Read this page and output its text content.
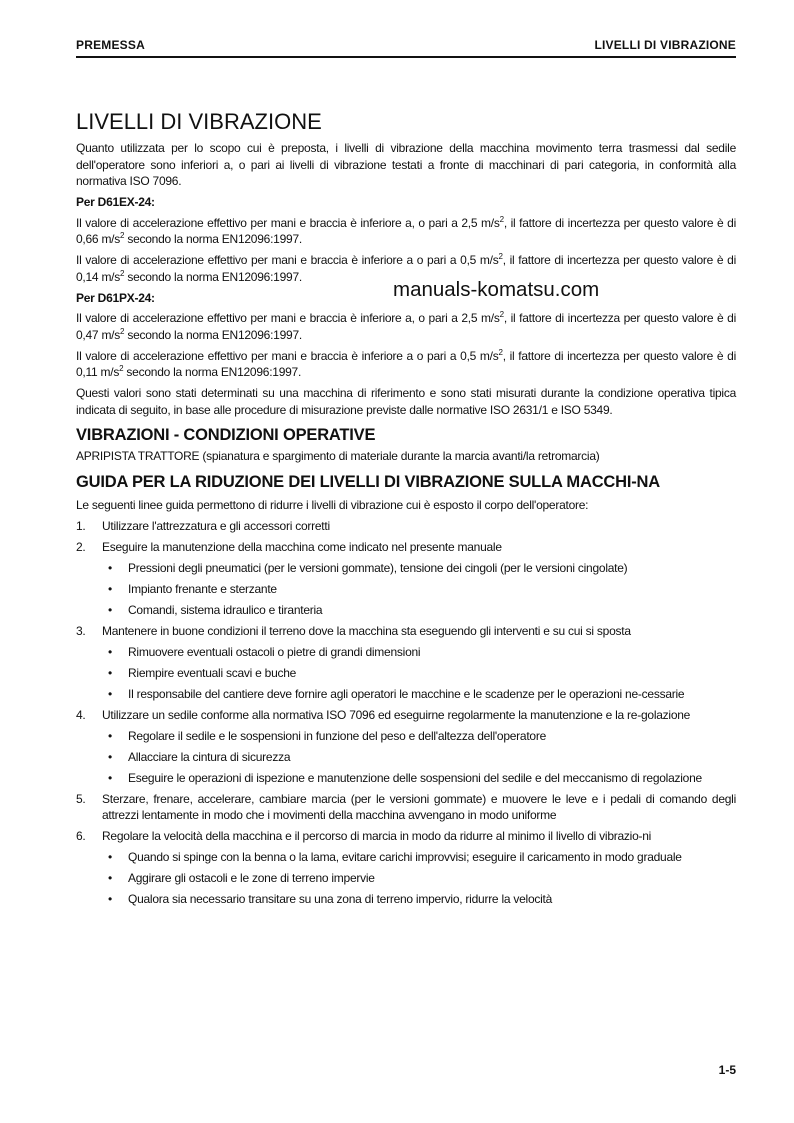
PREMESSA	LIVELLI DI VIBRAZIONE
LIVELLI DI VIBRAZIONE

Quanto utilizzata per lo scopo cui è preposta, i livelli di vibrazione della macchina movimento terra trasmessi dal sedile dell'operatore sono inferiori a, o pari ai livelli di vibrazione testati a fronte di macchinari di pari categoria, in conformità alla normativa ISO 7096.

Per D61EX-24:

Il valore di accelerazione effettivo per mani e braccia è inferiore a, o pari a 2,5 $m/s^2$, il fattore di incertezza per questo valore è di 0,66 $m/s^2$ secondo la norma EN12096:1997.

Il valore di accelerazione effettivo per mani e braccia è inferiore a o pari a 0,5 $m/s^2$, il fattore di incertezza per questo valore è di 0,14 $m/s^2$ secondo la norma EN12096:1997.

Per D61PX-24:

Il valore di accelerazione effettivo per mani e braccia è inferiore a, o pari a 2,5 $m/s^2$, il fattore di incertezza per questo valore è di 0,47 $m/s^2$ secondo la norma EN12096:1997.

Il valore di accelerazione effettivo per mani e braccia è inferiore a o pari a 0,5 $m/s^2$, il fattore di incertezza per questo valore è di 0,11 $m/s^2$ secondo la norma EN12096:1997.

Questi valori sono stati determinati su una macchina di riferimento e sono stati misurati durante la condizione operativa tipica indicata di seguito, in base alle procedure di misurazione previste dalle normative ISO 2631/1 e ISO 5349.

VIBRAZIONI - CONDIZIONI OPERATIVE

APRIPISTA TRATTORE (spianatura e spargimento di materiale durante la marcia avanti/la retromarcia)

GUIDA PER LA RIDUZIONE DEI LIVELLI DI VIBRAZIONE SULLA MACCHI-NA

Le seguenti linee guida permettono di ridurre i livelli di vibrazione cui è esposto il corpo dell'operatore:

1. Utilizzare l'attrezzatura e gli accessori corretti
2. Eseguire la manutenzione della macchina come indicato nel presente manuale
• Pressioni degli pneumatici (per le versioni gommate), tensione dei cingoli (per le versioni cingolate)
• Impianto frenante e sterzante
• Comandi, sistema idraulico e tiranteria
3. Mantenere in buone condizioni il terreno dove la macchina sta eseguendo gli interventi e su cui si sposta
• Rimuovere eventuali ostacoli o pietre di grandi dimensioni
• Riempire eventuali scavi e buche
• Il responsabile del cantiere deve fornire agli operatori le macchine e le scadenze per le operazioni ne-cessarie
4. Utilizzare un sedile conforme alla normativa ISO 7096 ed eseguirne regolarmente la manutenzione e la re-golazione
• Regolare il sedile e le sospensioni in funzione del peso e dell'altezza dell'operatore
• Allacciare la cintura di sicurezza
• Eseguire le operazioni di ispezione e manutenzione delle sospensioni del sedile e del meccanismo di regolazione
5. Sterzare, frenare, accelerare, cambiare marcia (per le versioni gommate) e muovere le leve e i pedali di comando degli attrezzi lentamente in modo che i movimenti della macchina avvengano in modo uniforme
6. Regolare la velocità della macchina e il percorso di marcia in modo da ridurre al minimo il livello di vibrazio-ni
• Quando si spinge con la benna o la lama, evitare carichi improvvisi; eseguire il caricamento in modo graduale
• Aggirare gli ostacoli e le zone di terreno impervie
• Qualora sia necessario transitare su una zona di terreno impervio, ridurre la velocità
manuals-komatsu.com
1-5
